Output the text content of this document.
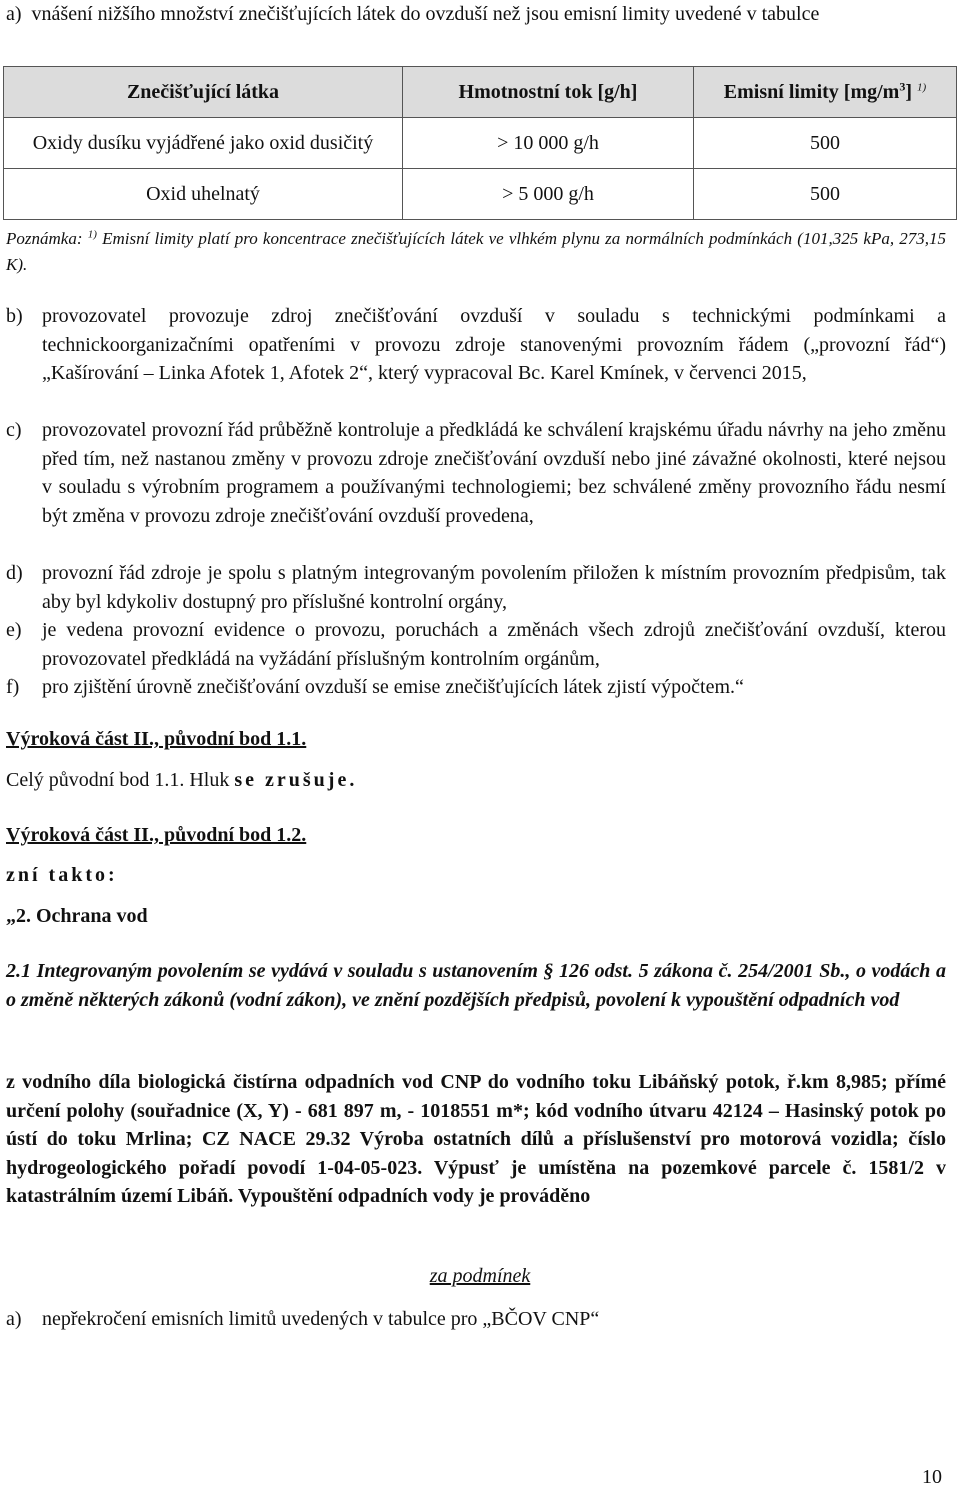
a)  vnášení nižšího množství znečišťujících látek do ovzduší než jsou emisní limity uvedené v tabulce
Znečišťující látka	Hmotnostní tok [g/h]	Emisní limity $[mg/m^3]$ $^{1)}$
Oxidy dusíku vyjádřené jako oxid dusičitý	> 10 000 g/h	500
Oxid uhelnatý	> 5 000 g/h	500
Poznámka: $^{1)}$ Emisní limity platí pro koncentrace znečišťujících látek ve vlhkém plynu za normálních podmínkách (101,325 kPa, 273,15 K).
b) provozovatel provozuje zdroj znečišťování ovzduší v souladu s technickými podmínkami a technickoorganizačními opatřeními v provozu zdroje stanovenými provozním řádem („provozní řád“) „Kašírování – Linka Afotek 1, Afotek 2“, který vypracoval Bc. Karel Kmínek, v červenci 2015,
c)	provozovatel provozní řád průběžně kontroluje a předkládá ke schválení krajskému úřadu návrhy na jeho změnu před tím, než nastanou změny v provozu zdroje znečišťování ovzduší nebo jiné závažné okolnosti, které nejsou v souladu s výrobním programem a používanými technologiemi; bez schválené změny provozního řádu nesmí být změna v provozu zdroje znečišťování ovzduší provedena,
d) provozní řád zdroje je spolu s platným integrovaným povolením přiložen k místním provozním předpisům, tak aby byl kdykoliv dostupný pro příslušné kontrolní orgány,
e)	je vedena provozní evidence o provozu, poruchách a změnách všech zdrojů znečišťování ovzduší, kterou provozovatel předkládá na vyžádání příslušným kontrolním orgánům,
f)	pro zjištění úrovně znečišťování ovzduší se emise znečišťujících látek zjistí výpočtem.“
Výroková část II., původní bod 1.1.
Celý původní bod 1.1. Hluk se zrušuje.
Výroková část II., původní bod 1.2.
zní takto:
„2. Ochrana vod
2.1 Integrovaným povolením se vydává v souladu s ustanovením § 126 odst. 5 zákona č. 254/2001 Sb., o vodách a o změně některých zákonů (vodní zákon), ve znění pozdějších předpisů, povolení k vypouštění odpadních vod
z vodního díla biologická čistírna odpadních vod CNP do vodního toku Libáňský potok, ř.km 8,985; přímé určení polohy (souřadnice (X, Y) - 681 897 m, - 1018551 m*; kód vodního útvaru 42124 – Hasinský potok po ústí do toku Mrlina; CZ NACE 29.32 Výroba ostatních dílů a příslušenství pro motorová vozidla; číslo hydrogeologického pořadí povodí 1-04-05-023. Výpusť je umístěna na pozemkové parcele č. 1581/2 v katastrálním území Libáň. Vypouštění odpadních vody je prováděno
za podmínek
a)	nepřekročení emisních limitů uvedených v tabulce pro „BČOV CNP“
10
